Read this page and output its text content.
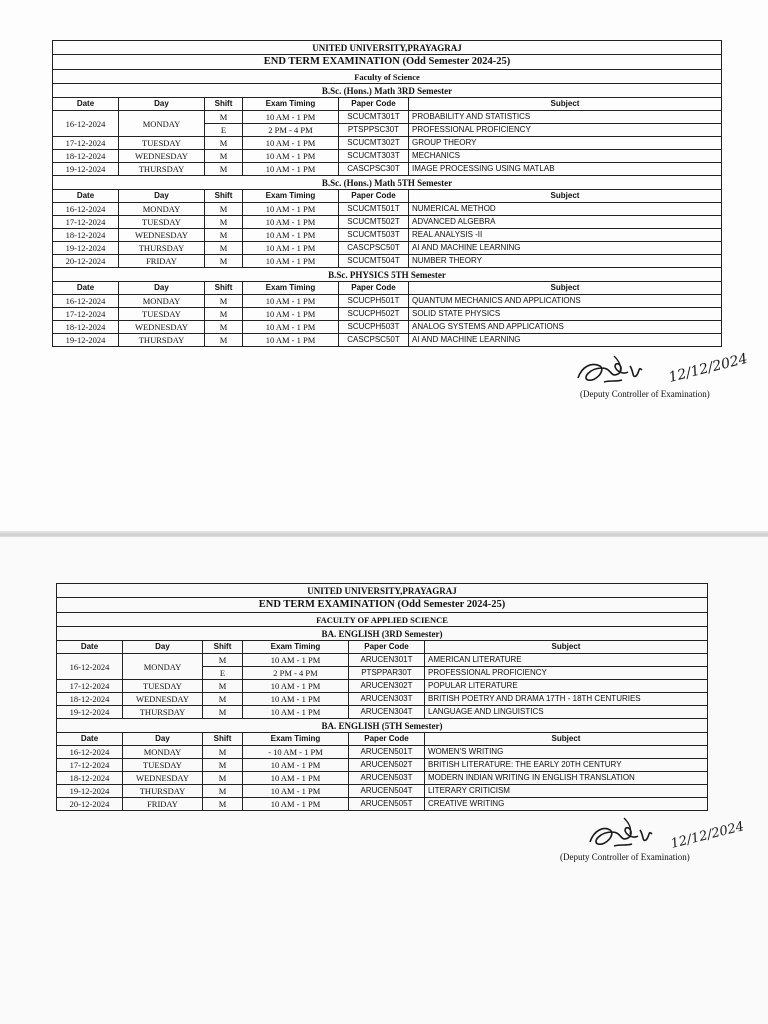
UNITED UNIVERSITY,PRAYAGRAJ					
END TERM EXAMINATION (Odd Semester 2024-25)					
Faculty of Science					
B.Sc. (Hons.) Math 3RD Semester					
Date	Day	Shift	Exam Timing	Paper Code	Subject
16-12-2024	MONDAY	M	10 AM - 1 PM	SCUCMT301T	PROBABILITY AND STATISTICS
		E	2 PM - 4 PM	PTSPPSC30T	PROFESSIONAL PROFICIENCY
17-12-2024	TUESDAY	M	10 AM - 1 PM	SCUCMT302T	GROUP THEORY
18-12-2024	WEDNESDAY	M	10 AM - 1 PM	SCUCMT303T	MECHANICS
19-12-2024	THURSDAY	M	10 AM - 1 PM	CASCPSC30T	IMAGE PROCESSING USING MATLAB
B.Sc. (Hons.) Math 5TH Semester					
Date	Day	Shift	Exam Timing	Paper Code	Subject
16-12-2024	MONDAY	M	10 AM - 1 PM	SCUCMT501T	NUMERICAL METHOD
17-12-2024	TUESDAY	M	10 AM - 1 PM	SCUCMT502T	ADVANCED ALGEBRA
18-12-2024	WEDNESDAY	M	10 AM - 1 PM	SCUCMT503T	REAL ANALYSIS -II
19-12-2024	THURSDAY	M	10 AM - 1 PM	CASCPSC50T	AI AND MACHINE LEARNING
20-12-2024	FRIDAY	M	10 AM - 1 PM	SCUCMT504T	NUMBER THEORY
B.Sc. PHYSICS 5TH Semester					
Date	Day	Shift	Exam Timing	Paper Code	Subject
16-12-2024	MONDAY	M	10 AM - 1 PM	SCUCPH501T	QUANTUM MECHANICS AND APPLICATIONS
17-12-2024	TUESDAY	M	10 AM - 1 PM	SCUCPH502T	SOLID STATE PHYSICS
18-12-2024	WEDNESDAY	M	10 AM - 1 PM	SCUCPH503T	ANALOG SYSTEMS AND APPLICATIONS
19-12-2024	THURSDAY	M	10 AM - 1 PM	CASCPSC50T	AI AND MACHINE LEARNING
12/12/2024
(Deputy Controller of Examination)
UNITED UNIVERSITY,PRAYAGRAJ					
END TERM EXAMINATION (Odd Semester 2024-25)					
FACULTY OF APPLIED SCIENCE					
BA. ENGLISH (3RD Semester)					
Date	Day	Shift	Exam Timing	Paper Code	Subject
16-12-2024	MONDAY	M	10 AM - 1 PM	ARUCEN301T	AMERICAN LITERATURE
		E	2 PM - 4 PM	PTSPPAR30T	PROFESSIONAL PROFICIENCY
17-12-2024	TUESDAY	M	10 AM - 1 PM	ARUCEN302T	POPULAR LITERATURE
18-12-2024	WEDNESDAY	M	10 AM - 1 PM	ARUCEN303T	BRITISH POETRY AND DRAMA 17TH - 18TH CENTURIES
19-12-2024	THURSDAY	M	10 AM - 1 PM	ARUCEN304T	LANGUAGE AND LINGUISTICS
BA. ENGLISH (5TH Semester)					
Date	Day	Shift	Exam Timing	Paper Code	Subject
16-12-2024	MONDAY	M	- 10 AM - 1 PM	ARUCEN501T	WOMEN'S WRITING
17-12-2024	TUESDAY	M	10 AM - 1 PM	ARUCEN502T	BRITISH LITERATURE: THE EARLY 20TH CENTURY
18-12-2024	WEDNESDAY	M	10 AM - 1 PM	ARUCEN503T	MODERN INDIAN WRITING IN ENGLISH TRANSLATION
19-12-2024	THURSDAY	M	10 AM - 1 PM	ARUCEN504T	LITERARY CRITICISM
20-12-2024	FRIDAY	M	10 AM - 1 PM	ARUCEN505T	CREATIVE WRITING
12/12/2024
(Deputy Controller of Examination)
